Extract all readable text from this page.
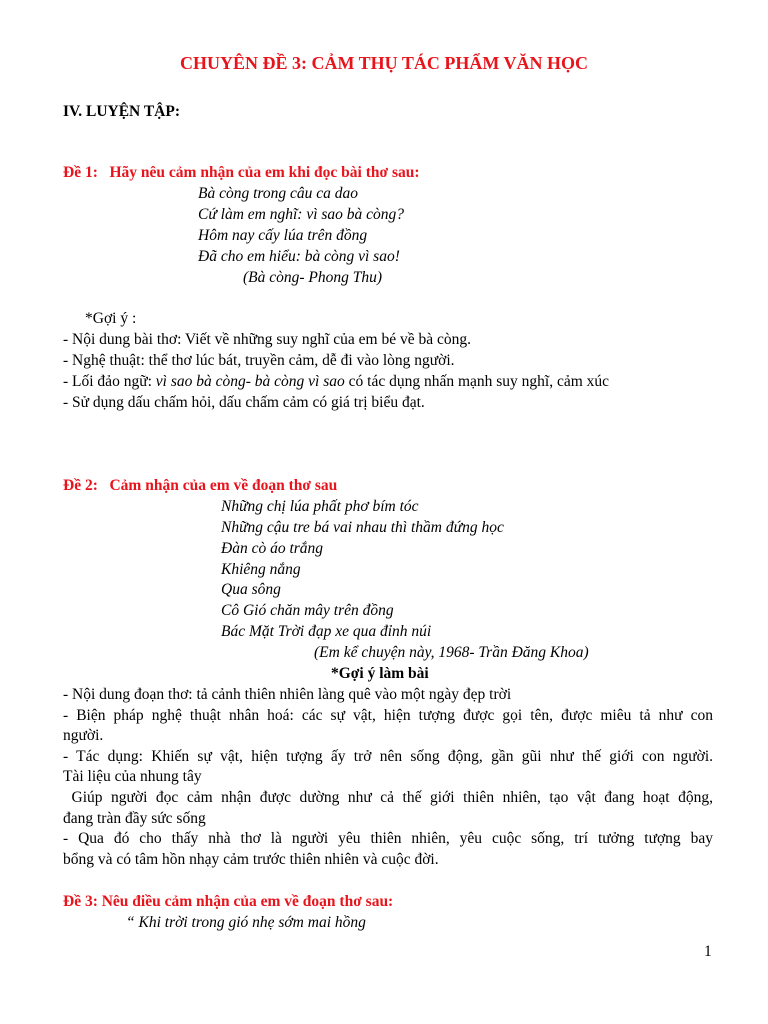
CHUYÊN ĐỀ 3: CẢM THỤ TÁC PHẨM VĂN HỌC
IV. LUYỆN TẬP:
Đề 1:   Hãy nêu cảm nhận của em khi đọc bài thơ sau:
Bà còng trong câu ca dao
Cứ làm em nghĩ: vì sao bà còng?
Hôm nay cấy lúa trên đồng
Đã cho em hiểu: bà còng vì sao!
(Bà còng- Phong Thu)
*Gợi ý :
- Nội dung bài thơ: Viết về những suy nghĩ của em bé về bà còng.
- Nghệ thuật: thể thơ lúc bát, truyền cảm, dễ đi vào lòng người.
- Lối đảo ngữ: vì sao bà còng- bà còng vì sao có tác dụng nhấn mạnh suy nghĩ, cảm xúc
- Sử dụng dấu chấm hỏi, dấu chấm cảm có giá trị biểu đạt.
Đề 2:   Cảm nhận của em về đoạn thơ sau
Những chị lúa phất phơ bím tóc
Những cậu tre bá vai nhau thì thầm đứng học
Đàn cò áo trắng
Khiêng nắng
Qua sông
Cô Gió chăn mây trên đồng
Bác Mặt Trời đạp xe qua đỉnh núi
(Em kể chuyện này, 1968- Trần Đăng Khoa)
*Gợi ý làm bài
- Nội dung đoạn thơ: tả cảnh thiên nhiên làng quê vào một ngày đẹp trời
- Biện pháp nghệ thuật nhân hoá: các sự vật, hiện tượng được gọi tên, được miêu tả như con
người.
- Tác dụng: Khiến sự vật, hiện tượng ấy trở nên sống động, gần gũi như thế giới con người.
Tài liệu của nhung tây
Giúp người đọc cảm nhận được dường như cả thế giới thiên nhiên, tạo vật đang hoạt động,
đang tràn đầy sức sống
- Qua đó cho thấy nhà thơ là người yêu thiên nhiên, yêu cuộc sống, trí tưởng tượng bay
bổng và có tâm hồn nhạy cảm trước thiên nhiên và cuộc đời.
Đề 3: Nêu điều cảm nhận của em về đoạn thơ sau:
“ Khi trời trong gió nhẹ sớm mai hồng
1
